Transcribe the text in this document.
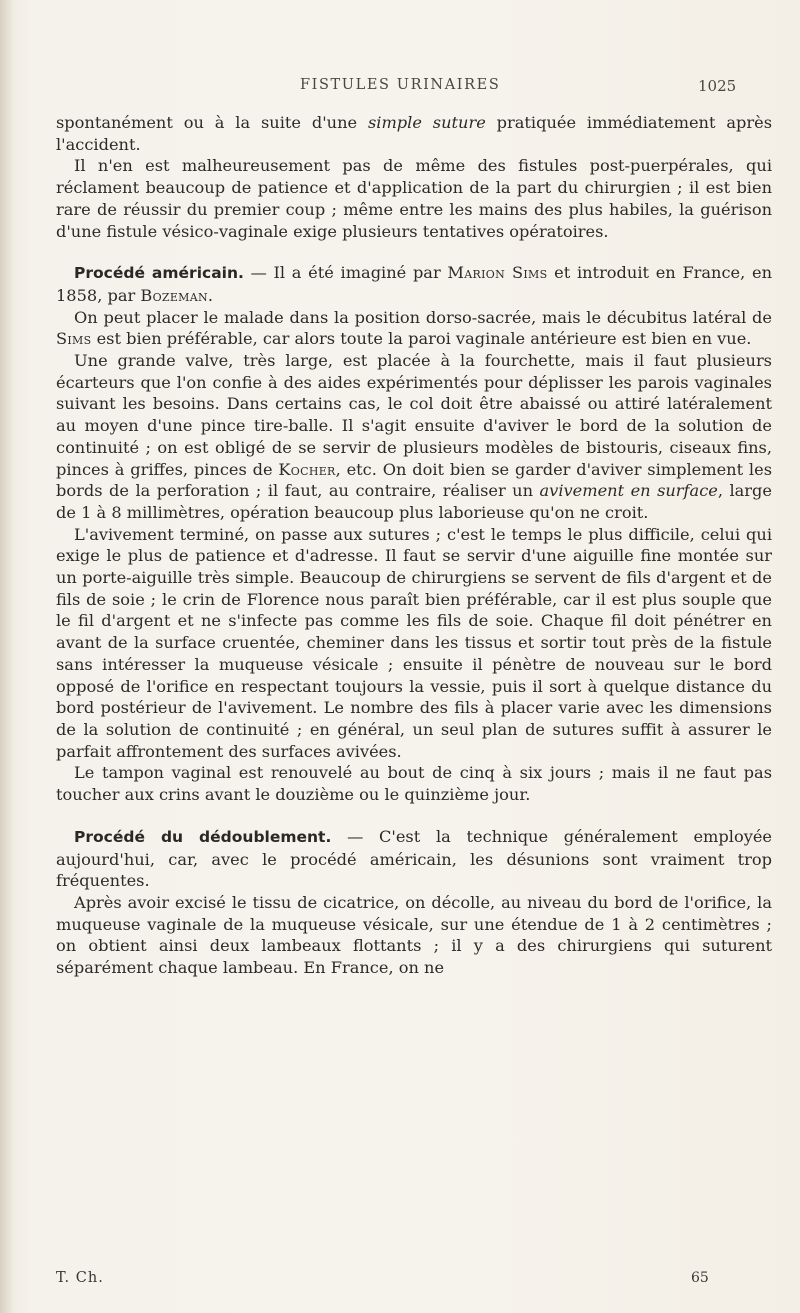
FISTULES URINAIRES	1025

spontanément ou à la suite d'une simple suture pratiquée immédiatement après l'accident.

Il n'en est malheureusement pas de même des fistules post-puerpérales, qui réclament beaucoup de patience et d'application de la part du chirurgien ; il est bien rare de réussir du premier coup ; même entre les mains des plus habiles, la guérison d'une fistule vésico-vaginale exige plusieurs tentatives opératoires.

Procédé américain. — Il a été imaginé par Marion Sims et introduit en France, en 1858, par Bozeman.

On peut placer le malade dans la position dorso-sacrée, mais le décubitus latéral de Sims est bien préférable, car alors toute la paroi vaginale antérieure est bien en vue.

Une grande valve, très large, est placée à la fourchette, mais il faut plusieurs écarteurs que l'on confie à des aides expérimentés pour déplisser les parois vaginales suivant les besoins. Dans certains cas, le col doit être abaissé ou attiré latéralement au moyen d'une pince tire-balle. Il s'agit ensuite d'aviver le bord de la solution de continuité ; on est obligé de se servir de plusieurs modèles de bistouris, ciseaux fins, pinces à griffes, pinces de Kocher, etc. On doit bien se garder d'aviver simplement les bords de la perforation ; il faut, au contraire, réaliser un avivement en surface, large de 1 à 8 millimètres, opération beaucoup plus laborieuse qu'on ne croit.

L'avivement terminé, on passe aux sutures ; c'est le temps le plus difficile, celui qui exige le plus de patience et d'adresse. Il faut se servir d'une aiguille fine montée sur un porte-aiguille très simple. Beaucoup de chirurgiens se servent de fils d'argent et de fils de soie ; le crin de Florence nous paraît bien préférable, car il est plus souple que le fil d'argent et ne s'infecte pas comme les fils de soie. Chaque fil doit pénétrer en avant de la surface cruentée, cheminer dans les tissus et sortir tout près de la fistule sans intéresser la muqueuse vésicale ; ensuite il pénètre de nouveau sur le bord opposé de l'orifice en respectant toujours la vessie, puis il sort à quelque distance du bord postérieur de l'avivement. Le nombre des fils à placer varie avec les dimensions de la solution de continuité ; en général, un seul plan de sutures suffit à assurer le parfait affrontement des surfaces avivées.

Le tampon vaginal est renouvelé au bout de cinq à six jours ; mais il ne faut pas toucher aux crins avant le douzième ou le quinzième jour.

Procédé du dédoublement. — C'est la technique généralement employée aujourd'hui, car, avec le procédé américain, les désunions sont vraiment trop fréquentes.

Après avoir excisé le tissu de cicatrice, on décolle, au niveau du bord de l'orifice, la muqueuse vaginale de la muqueuse vésicale, sur une étendue de 1 à 2 centimètres ; on obtient ainsi deux lambeaux flottants ; il y a des chirurgiens qui suturent séparément chaque lambeau. En France, on ne

T. Ch.	65
